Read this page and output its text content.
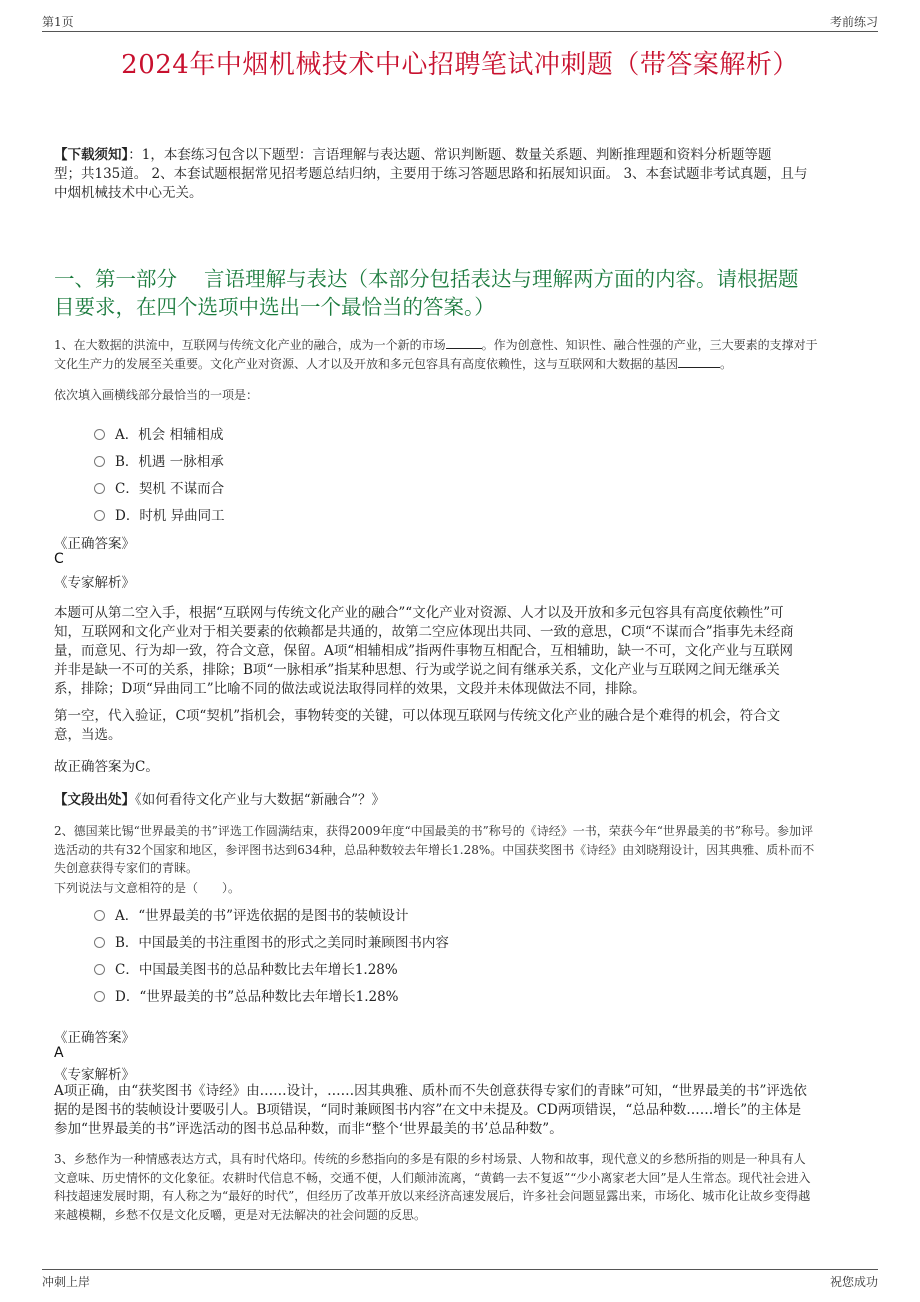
第1页	考前练习
2024年中烟机械技术中心招聘笔试冲刺题（带答案解析）
【下载须知】：1，本套练习包含以下题型：言语理解与表达题、常识判断题、数量关系题、判断推理题和资料分析题等题
型；共135道。 2、本套试题根据常见招考题总结归纳，主要用于练习答题思路和拓展知识面。 3、本套试题非考试真题，且与
中烟机械技术中心无关。
一、第一部分　 言语理解与表达（本部分包括表达与理解两方面的内容。请根据题
目要求，在四个选项中选出一个最恰当的答案。）
1、在大数据的洪流中，互联网与传统文化产业的融合，成为一个新的市场	。作为创意性、知识性、融合性强的产业，三大要素的支撑对于
文化生产力的发展至关重要。文化产业对资源、人才以及开放和多元包容具有高度依赖性，这与互联网和大数据的基因	。
依次填入画横线部分最恰当的一项是：
A．机会 相辅相成
B．机遇 一脉相承
C．契机 不谋而合
D．时机 异曲同工
《正确答案》
C
《专家解析》
本题可从第二空入手，根据“互联网与传统文化产业的融合”“文化产业对资源、人才以及开放和多元包容具有高度依赖性”可
知，互联网和文化产业对于相关要素的依赖都是共通的，故第二空应体现出共同、一致的意思，C项“不谋而合”指事先未经商
量，而意见、行为却一致，符合文意，保留。A项“相辅相成”指两件事物互相配合，互相辅助，缺一不可，文化产业与互联网
并非是缺一不可的关系，排除；B项“一脉相承”指某种思想、行为或学说之间有继承关系，文化产业与互联网之间无继承关
系，排除；D项“异曲同工”比喻不同的做法或说法取得同样的效果，文段并未体现做法不同，排除。
第一空，代入验证，C项“契机”指机会，事物转变的关键，可以体现互联网与传统文化产业的融合是个难得的机会，符合文
意，当选。
故正确答案为C。
【文段出处】《如何看待文化产业与大数据“新融合”？》
2、德国莱比锡“世界最美的书”评选工作圆满结束，获得2009年度“中国最美的书”称号的《诗经》一书，荣获今年“世界最美的书”称号。参加评
选活动的共有32个国家和地区，参评图书达到634种，总品种数较去年增长1.28%。中国获奖图书《诗经》由刘晓翔设计，因其典雅、质朴而不
失创意获得专家们的青睐。
下列说法与文意相符的是（　　）。
A．“世界最美的书”评选依据的是图书的装帧设计
B．中国最美的书注重图书的形式之美同时兼顾图书内容
C．中国最美图书的总品种数比去年增长1.28%
D．“世界最美的书”总品种数比去年增长1.28%
《正确答案》
A
《专家解析》
A项正确，由“获奖图书《诗经》由……设计，……因其典雅、质朴而不失创意获得专家们的青睐”可知，“世界最美的书”评选依
据的是图书的装帧设计要吸引人。B项错误，“同时兼顾图书内容”在文中未提及。CD两项错误，“总品种数……增长”的主体是
参加“世界最美的书”评选活动的图书总品种数，而非“整个‘世界最美的书’总品种数”。
3、乡愁作为一种情感表达方式，具有时代烙印。传统的乡愁指向的多是有限的乡村场景、人物和故事，现代意义的乡愁所指的则是一种具有人
文意味、历史情怀的文化象征。农耕时代信息不畅，交通不便，人们颠沛流离，“黄鹤一去不复返”“少小离家老大回”是人生常态。现代社会进入
科技超速发展时期，有人称之为“最好的时代”，但经历了改革开放以来经济高速发展后，许多社会问题显露出来，市场化、城市化让故乡变得越
来越模糊，乡愁不仅是文化反嚼，更是对无法解决的社会问题的反思。
冲刺上岸	祝您成功
